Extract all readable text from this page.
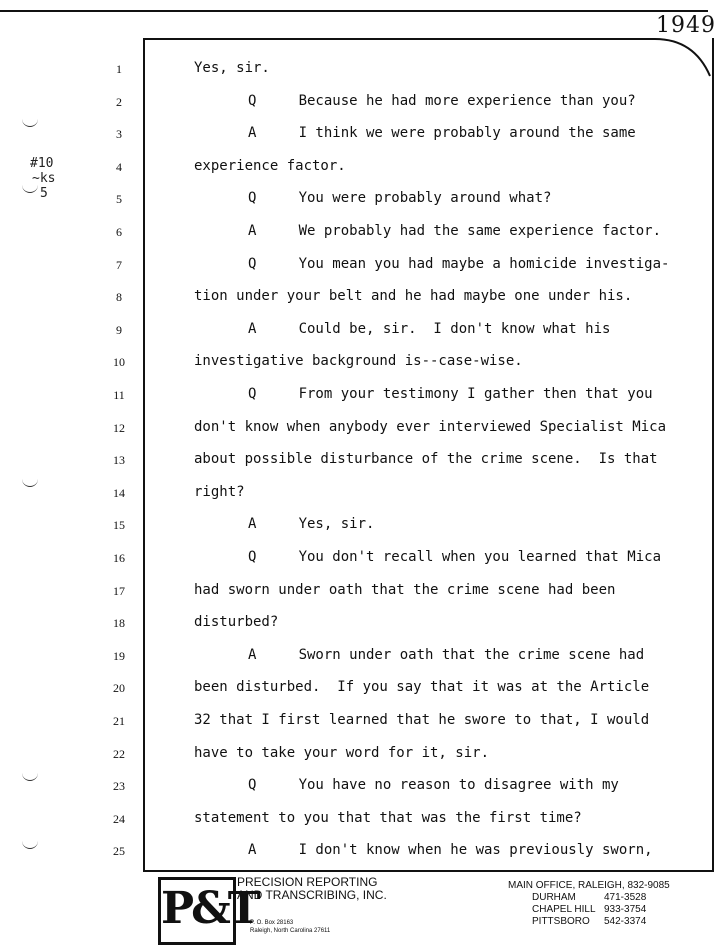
1949
#10
~ks
5
1	Yes, sir.
2	Q     Because he had more experience than you?
3	A     I think we were probably around the same
4	experience factor.
5	Q     You were probably around what?
6	A     We probably had the same experience factor.
7	Q     You mean you had maybe a homicide investiga-
8	tion under your belt and he had maybe one under his.
9	A     Could be, sir.  I don't know what his
10	investigative background is--case-wise.
11	Q     From your testimony I gather then that you
12	don't know when anybody ever interviewed Specialist Mica
13	about possible disturbance of the crime scene.  Is that
14	right?
15	A     Yes, sir.
16	Q     You don't recall when you learned that Mica
17	had sworn under oath that the crime scene had been
18	disturbed?
19	A     Sworn under oath that the crime scene had
20	been disturbed.  If you say that it was at the Article
21	32 that I first learned that he swore to that, I would
22	have to take your word for it, sir.
23	Q     You have no reason to disagree with my
24	statement to you that that was the first time?
25	A     I don't know when he was previously sworn,
P&T
PRECISION REPORTING
AND TRANSCRIBING, INC.
P. O. Box 28163
Raleigh, North Carolina 27611
MAIN OFFICE, RALEIGH, 832-9085
DURHAM	471-3528
CHAPEL HILL 933-3754
PITTSBORO	542-3374
